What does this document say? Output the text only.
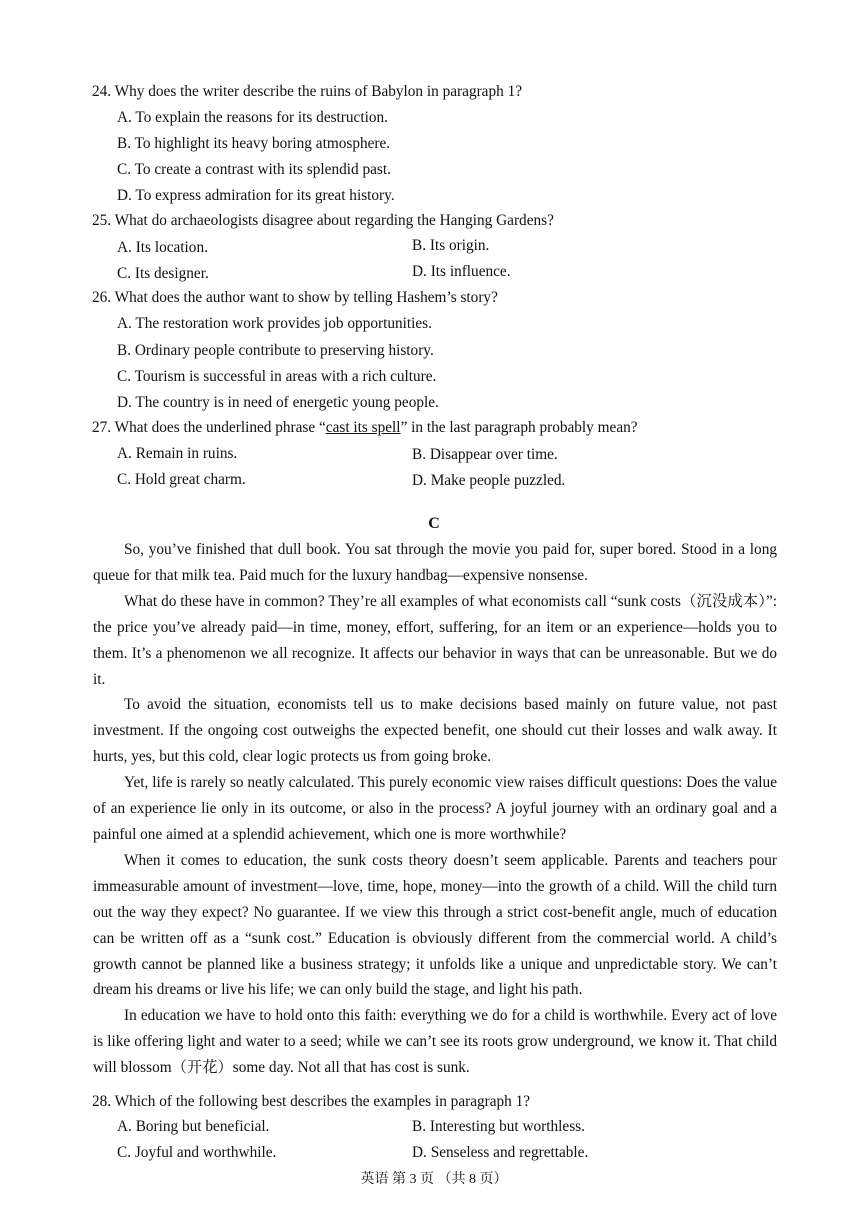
24. Why does the writer describe the ruins of Babylon in paragraph 1?
A. To explain the reasons for its destruction.
B. To highlight its heavy boring atmosphere.
C. To create a contrast with its splendid past.
D. To express admiration for its great history.
25. What do archaeologists disagree about regarding the Hanging Gardens?
A. Its location.	B. Its origin.
C. Its designer.	D. Its influence.
26. What does the author want to show by telling Hashem’s story?
A. The restoration work provides job opportunities.
B. Ordinary people contribute to preserving history.
C. Tourism is successful in areas with a rich culture.
D. The country is in need of energetic young people.
27. What does the underlined phrase “cast its spell” in the last paragraph probably mean?
A. Remain in ruins.	B. Disappear over time.
C. Hold great charm.	D. Make people puzzled.
C

So, you’ve finished that dull book. You sat through the movie you paid for, super bored. Stood in a long queue for that milk tea. Paid much for the luxury handbag—expensive nonsense.

What do these have in common? They’re all examples of what economists call “sunk costs（沉没成本）”: the price you’ve already paid—in time, money, effort, suffering, for an item or an experience—holds you to them. It’s a phenomenon we all recognize. It affects our behavior in ways that can be unreasonable. But we do it.

To avoid the situation, economists tell us to make decisions based mainly on future value, not past investment. If the ongoing cost outweighs the expected benefit, one should cut their losses and walk away. It hurts, yes, but this cold, clear logic protects us from going broke.

Yet, life is rarely so neatly calculated. This purely economic view raises difficult questions: Does the value of an experience lie only in its outcome, or also in the process? A joyful journey with an ordinary goal and a painful one aimed at a splendid achievement, which one is more worthwhile?

When it comes to education, the sunk costs theory doesn’t seem applicable. Parents and teachers pour immeasurable amount of investment—love, time, hope, money—into the growth of a child. Will the child turn out the way they expect? No guarantee. If we view this through a strict cost-benefit angle, much of education can be written off as a “sunk cost.” Education is obviously different from the commercial world. A child’s growth cannot be planned like a business strategy; it unfolds like a unique and unpredictable story. We can’t dream his dreams or live his life; we can only build the stage, and light his path.

In education we have to hold onto this faith: everything we do for a child is worthwhile. Every act of love is like offering light and water to a seed; while we can’t see its roots grow underground, we know it. That child will blossom（开花）some day. Not all that has cost is sunk.

28. Which of the following best describes the examples in paragraph 1?
A. Boring but beneficial.	B. Interesting but worthless.
C. Joyful and worthwhile.	D. Senseless and regrettable.
英语 第 3 页 （共 8 页）
